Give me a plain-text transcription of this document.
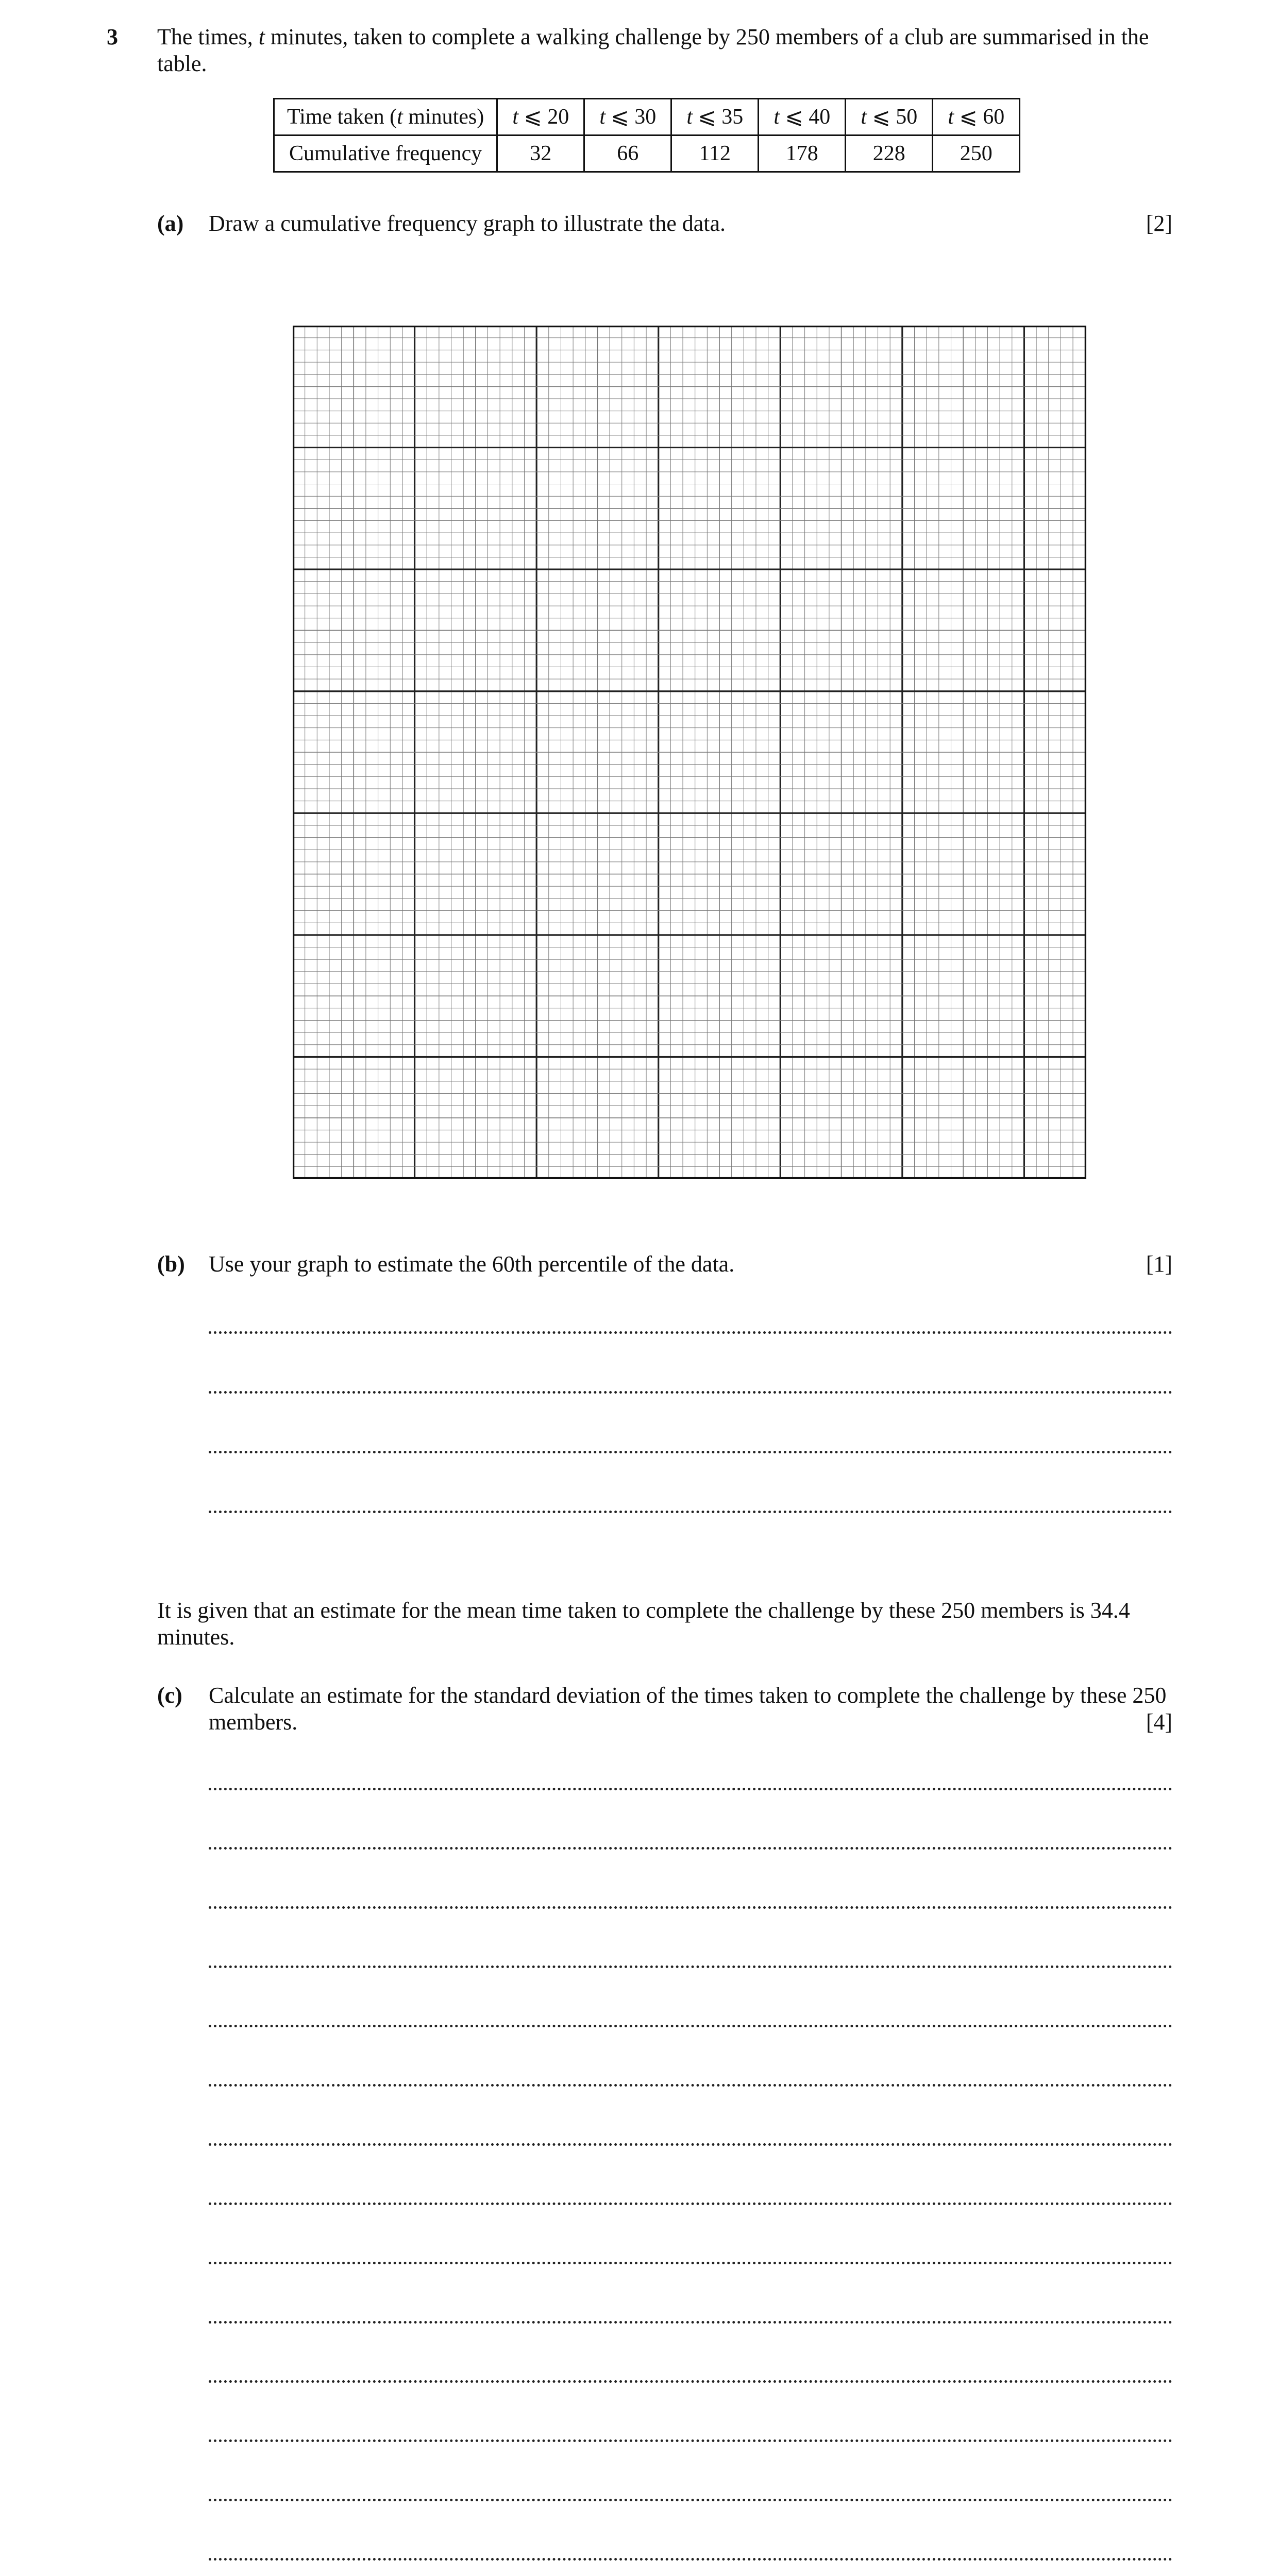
3 The times, t minutes, taken to complete a walking challenge by 250 members of a club are summarised in the table.
Time taken (t minutes)	t ⩽ 20	t ⩽ 30	t ⩽ 35	t ⩽ 40	t ⩽ 50	t ⩽ 60
Cumulative frequency	32	66	112	178	228	250
(a) Draw a cumulative frequency graph to illustrate the data.	[2]
(b) Use your graph to estimate the 60th percentile of the data.	[1]
It is given that an estimate for the mean time taken to complete the challenge by these 250 members is 34.4 minutes.
(c) Calculate an estimate for the standard deviation of the times taken to complete the challenge by these 250 members.	[4]
